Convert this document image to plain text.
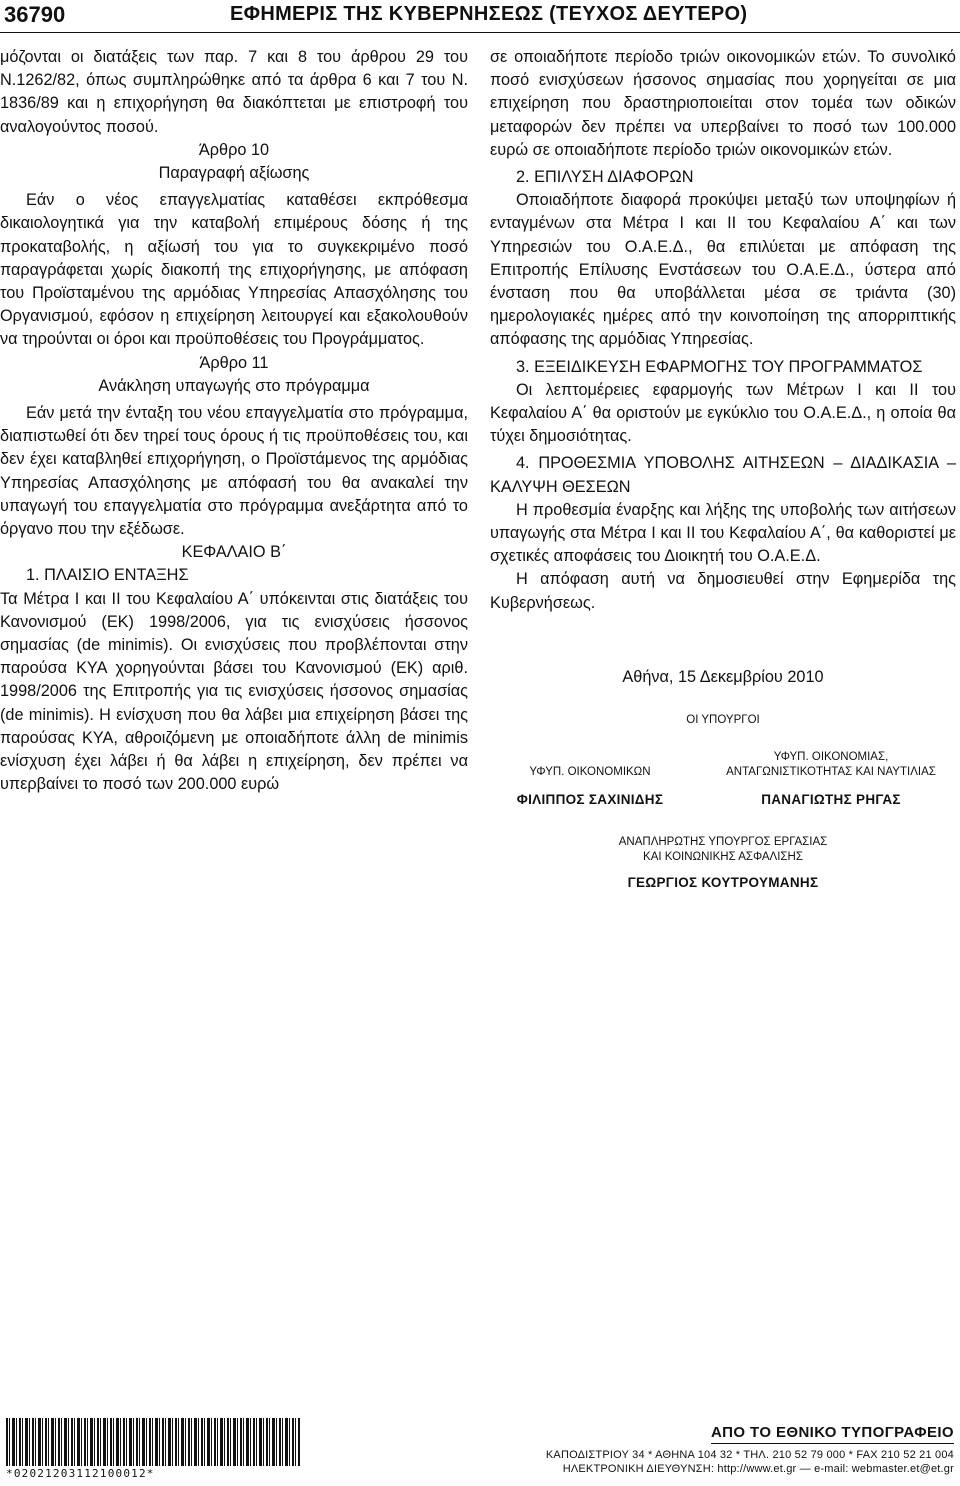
36790	ΕΦΗΜΕΡΙΣ ΤΗΣ ΚΥΒΕΡΝΗΣΕΩΣ (ΤΕΥΧΟΣ ΔΕΥΤΕΡΟ)

μόζονται οι διατάξεις των παρ. 7 και 8 του άρθρου 29 του Ν.1262/82, όπως συμπληρώθηκε από τα άρθρα 6 και 7 του Ν. 1836/89 και η επιχορήγηση θα διακόπτεται με επιστροφή του αναλογούντος ποσού.

Άρθρο 10

Παραγραφή αξίωσης

Εάν ο νέος επαγγελματίας καταθέσει εκπρόθεσμα δικαιολογητικά για την καταβολή επιμέρους δόσης ή της προκαταβολής, η αξίωσή του για το συγκεκριμένο ποσό παραγράφεται χωρίς διακοπή της επιχορήγησης, με απόφαση του Προϊσταμένου της αρμόδιας Υπηρεσίας Απασχόλησης του Οργανισμού, εφόσον η επιχείρηση λειτουργεί και εξακολουθούν να τηρούνται οι όροι και προϋποθέσεις του Προγράμματος.

Άρθρο 11

Ανάκληση υπαγωγής στο πρόγραμμα

Εάν μετά την ένταξη του νέου επαγγελματία στο πρόγραμμα, διαπιστωθεί ότι δεν τηρεί τους όρους ή τις προϋποθέσεις του, και δεν έχει καταβληθεί επιχορήγηση, ο Προϊστάμενος της αρμόδιας Υπηρεσίας Απασχόλησης με απόφασή του θα ανακαλεί την υπαγωγή του επαγγελματία στο πρόγραμμα ανεξάρτητα από το όργανο που την εξέδωσε.

ΚΕΦΑΛΑΙΟ Β΄

1. ΠΛΑΙΣΙΟ ΕΝΤΑΞΗΣ

Τα Μέτρα Ι και ΙΙ του Κεφαλαίου Α΄ υπόκεινται στις διατάξεις του Κανονισμού (ΕΚ) 1998/2006, για τις ενισχύσεις ήσσονος σημασίας (de minimis). Οι ενισχύσεις που προβλέπονται στην παρούσα ΚΥΑ χορηγούνται βάσει του Κανονισμού (ΕΚ) αριθ. 1998/2006 της Επιτροπής για τις ενισχύσεις ήσσονος σημασίας (de minimis). Η ενίσχυση που θα λάβει μια επιχείρηση βάσει της παρούσας ΚΥΑ, αθροιζόμενη με οποιαδήποτε άλλη de minimis ενίσχυση έχει λάβει ή θα λάβει η επιχείρηση, δεν πρέπει να υπερβαίνει το ποσό των 200.000 ευρώ

σε οποιαδήποτε περίοδο τριών οικονομικών ετών. Το συνολικό ποσό ενισχύσεων ήσσονος σημασίας που χορηγείται σε μια επιχείρηση που δραστηριοποιείται στον τομέα των οδικών μεταφορών δεν πρέπει να υπερβαίνει το ποσό των 100.000 ευρώ σε οποιαδήποτε περίοδο τριών οικονομικών ετών.

2. ΕΠΙΛΥΣΗ ΔΙΑΦΟΡΩΝ

Οποιαδήποτε διαφορά προκύψει μεταξύ των υποψηφίων ή ενταγμένων στα Μέτρα Ι και ΙΙ του Κεφαλαίου Α΄ και των Υπηρεσιών του Ο.Α.Ε.Δ., θα επιλύεται με απόφαση της Επιτροπής Επίλυσης Ενστάσεων του Ο.Α.Ε.Δ., ύστερα από ένσταση που θα υποβάλλεται μέσα σε τριάντα (30) ημερολογιακές ημέρες από την κοινοποίηση της απορριπτικής απόφασης της αρμόδιας Υπηρεσίας.

3. ΕΞΕΙΔΙΚΕΥΣΗ ΕΦΑΡΜΟΓΗΣ ΤΟΥ ΠΡΟΓΡΑΜΜΑΤΟΣ

Οι λεπτομέρειες εφαρμογής των Μέτρων Ι και ΙΙ του Κεφαλαίου Α΄ θα οριστούν με εγκύκλιο του Ο.Α.Ε.Δ., η οποία θα τύχει δημοσιότητας.

4. ΠΡΟΘΕΣΜΙΑ ΥΠΟΒΟΛΗΣ ΑΙΤΗΣΕΩΝ – ΔΙΑΔΙΚΑΣΙΑ – ΚΑΛΥΨΗ ΘΕΣΕΩΝ

Η προθεσμία έναρξης και λήξης της υποβολής των αιτήσεων υπαγωγής στα Μέτρα Ι και ΙΙ του Κεφαλαίου Α΄, θα καθοριστεί με σχετικές αποφάσεις του Διοικητή του Ο.Α.Ε.Δ.

Η απόφαση αυτή να δημοσιευθεί στην Εφημερίδα της Κυβερνήσεως.

Αθήνα, 15 Δεκεμβρίου 2010

ΟΙ ΥΠΟΥΡΓΟΙ

ΥΦΥΠ. ΟΙΚΟΝΟΜΙΚΩΝ

ΦΙΛΙΠΠΟΣ ΣΑΧΙΝΙΔΗΣ

ΥΦΥΠ. ΟΙΚΟΝΟΜΙΑΣ,

ΑΝΤΑΓΩΝΙΣΤΙΚΟΤΗΤΑΣ ΚΑΙ ΝΑΥΤΙΛΙΑΣ

ΠΑΝΑΓΙΩΤΗΣ ΡΗΓΑΣ

ΑΝΑΠΛΗΡΩΤΗΣ ΥΠΟΥΡΓΟΣ ΕΡΓΑΣΙΑΣ

ΚΑΙ ΚΟΙΝΩΝΙΚΗΣ ΑΣΦΑΛΙΣΗΣ

ΓΕΩΡΓΙΟΣ ΚΟΥΤΡΟΥΜΑΝΗΣ

*02021203112100012*

ΑΠΟ ΤΟ ΕΘΝΙΚΟ ΤΥΠΟΓΡΑΦΕΙΟ

ΚΑΠΟΔΙΣΤΡΙΟΥ 34 * ΑΘΗΝΑ 104 32 * ΤΗΛ. 210 52 79 000 * FAX 210 52 21 004

ΗΛΕΚΤΡΟΝΙΚΗ ΔΙΕΥΘΥΝΣΗ: http://www.et.gr — e-mail: webmaster.et@et.gr
